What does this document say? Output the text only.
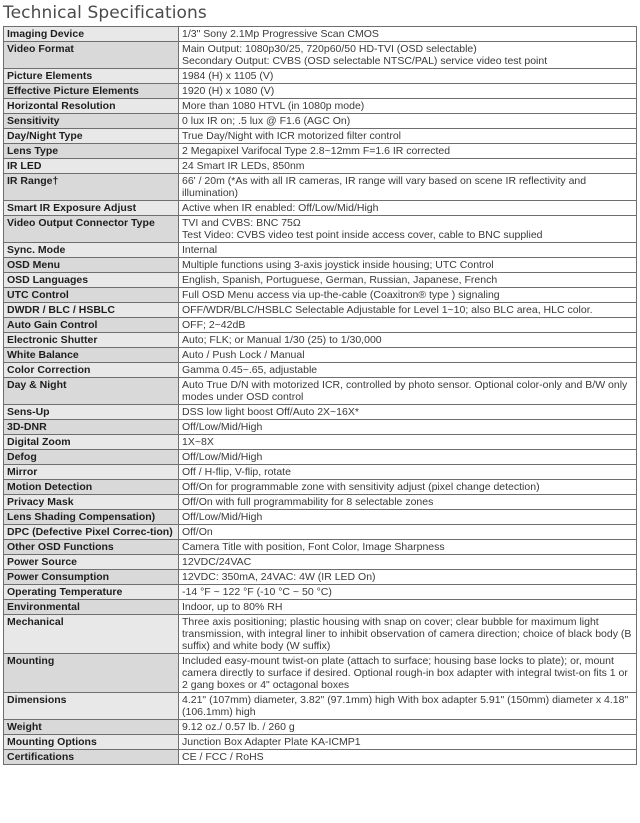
Technical Specifications
Imaging Device	1/3" Sony 2.1Mp Progressive Scan CMOS

Video Format	Main Output: 1080p30/25, 720p60/50 HD-TVI (OSD selectable)
Secondary Output: CVBS (OSD selectable NTSC/PAL) service video test point

Picture Elements	1984 (H) x 1105 (V)

Effective Picture Elements	1920 (H) x 1080 (V)

Horizontal Resolution	More than 1080 HTVL (in 1080p mode)

Sensitivity	0 lux IR on; .5 lux @ F1.6 (AGC On)

Day/Night Type	True Day/Night with ICR motorized filter control

Lens Type	2 Megapixel Varifocal Type 2.8~12mm F=1.6 IR corrected

IR LED	24 Smart IR LEDs, 850nm

IR Range†	66' / 20m (*As with all IR cameras, IR range will vary based on scene IR reflectivity and illumination)

Smart IR Exposure Adjust	Active when IR enabled: Off/Low/Mid/High

Video Output Connector Type	TVI and CVBS: BNC 75Ω
Test Video: CVBS video test point inside access cover, cable to BNC supplied

Sync. Mode	Internal

OSD Menu	Multiple functions using 3-axis joystick inside housing; UTC Control

OSD Languages	English, Spanish, Portuguese, German, Russian, Japanese, French

UTC Control	Full OSD Menu access via up-the-cable (Coaxitron® type ) signaling

DWDR / BLC / HSBLC	OFF/WDR/BLC/HSBLC Selectable Adjustable for Level 1~10; also BLC area, HLC color.

Auto Gain Control	OFF; 2~42dB

Electronic Shutter	Auto; FLK; or Manual 1/30 (25) to 1/30,000

White Balance	Auto / Push Lock / Manual

Color Correction	Gamma 0.45~.65, adjustable

Day & Night	Auto True D/N with motorized ICR, controlled by photo sensor. Optional color-only and B/W only modes under OSD control

Sens-Up	DSS low light boost Off/Auto 2X~16X*

3D-DNR	Off/Low/Mid/High

Digital Zoom	1X~8X

Defog	Off/Low/Mid/High

Mirror	Off / H-flip, V-flip, rotate

Motion Detection	Off/On for programmable zone with sensitivity adjust (pixel change detection)

Privacy Mask	Off/On with full programmability for 8 selectable zones

Lens Shading Compensation)	Off/Low/Mid/High

DPC (Defective Pixel Correc-tion)	Off/On

Other OSD Functions	Camera Title with position, Font Color, Image Sharpness

Power Source	12VDC/24VAC

Power Consumption	12VDC: 350mA, 24VAC: 4W (IR LED On)

Operating Temperature	-14 °F ~ 122 °F (-10 °C ~ 50 °C)

Environmental	Indoor, up to 80% RH

Mechanical	Three axis positioning; plastic housing with snap on cover; clear bubble for maximum light transmission, with integral liner to inhibit observation of camera direction; choice of black body (B suffix) and white body (W suffix)

Mounting	Included easy-mount twist-on plate (attach to surface; housing base locks to plate); or, mount camera directly to surface if desired. Optional rough-in box adapter with integral twist-on fits 1 or 2 gang boxes or 4" octagonal boxes

Dimensions	4.21" (107mm) diameter, 3.82" (97.1mm) high With box adapter 5.91" (150mm) diameter x 4.18" (106.1mm) high

Weight	9.12 oz./ 0.57 lb. / 260 g

Mounting Options	Junction Box Adapter Plate KA-ICMP1

Certifications	CE / FCC / RoHS
